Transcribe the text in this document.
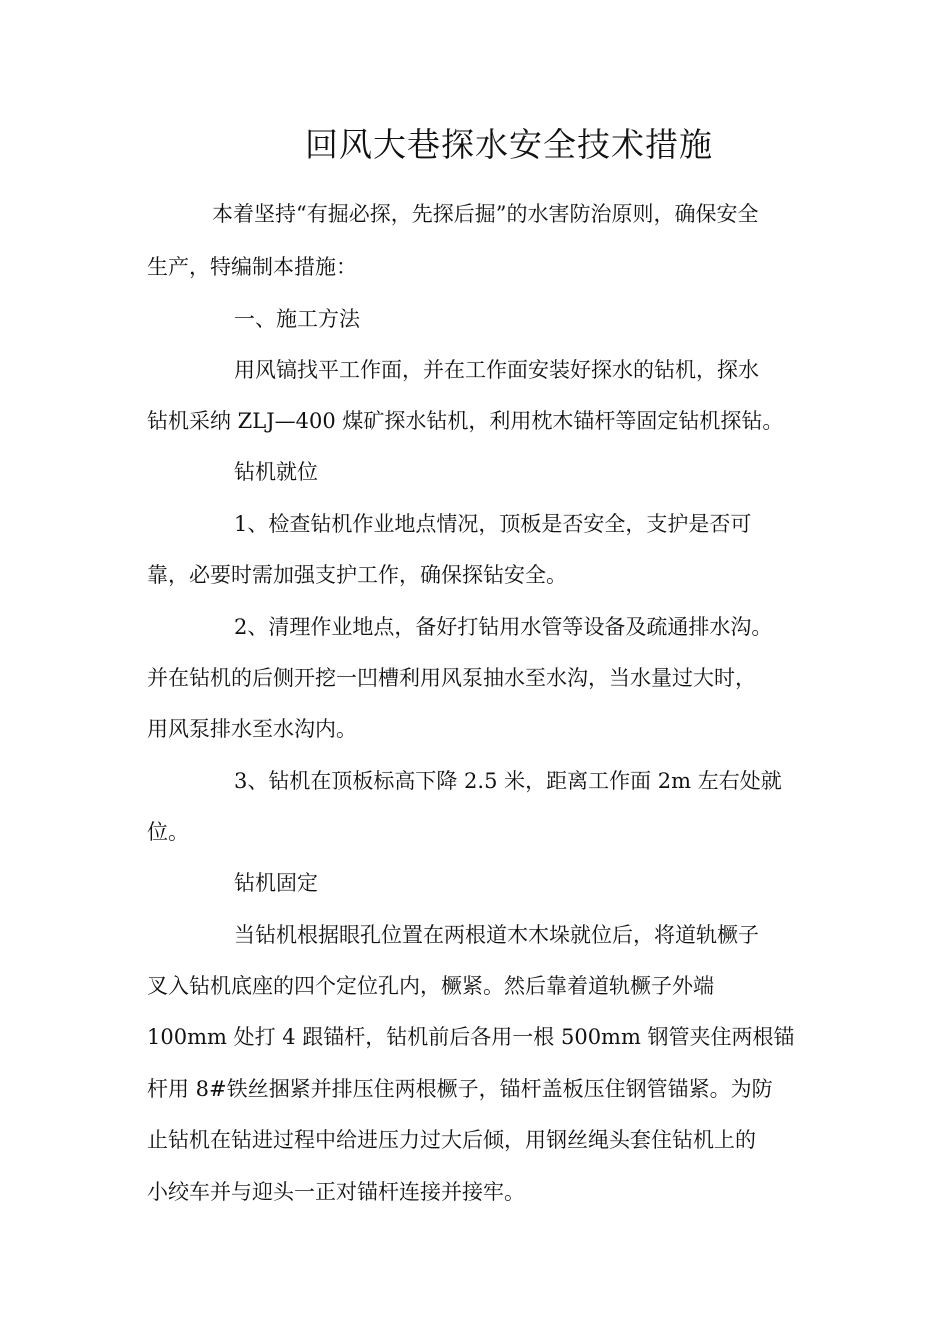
回风大巷探水安全技术措施
本着坚持“有掘必探，先探后掘”的水害防治原则，确保安全
生产，特编制本措施：
一、施工方法
用风镐找平工作面，并在工作面安装好探水的钻机，探水
钻机采纳 ZLJ—400 煤矿探水钻机，利用枕木锚杆等固定钻机探钻。
钻机就位
1、检查钻机作业地点情况，顶板是否安全，支护是否可
靠，必要时需加强支护工作，确保探钻安全。
2、清理作业地点，备好打钻用水管等设备及疏通排水沟。
并在钻机的后侧开挖一凹槽利用风泵抽水至水沟，当水量过大时，
用风泵排水至水沟内。
3、钻机在顶板标高下降 2.5 米，距离工作面 2m 左右处就
位。
钻机固定
当钻机根据眼孔位置在两根道木木垛就位后，将道轨橛子
叉入钻机底座的四个定位孔内，橛紧。然后靠着道轨橛子外端
100mm 处打 4 跟锚杆，钻机前后各用一根 500mm 钢管夹住两根锚
杆用 8#铁丝捆紧并排压住两根橛子，锚杆盖板压住钢管锚紧。为防
止钻机在钻进过程中给进压力过大后倾，用钢丝绳头套住钻机上的
小绞车并与迎头一正对锚杆连接并接牢。
